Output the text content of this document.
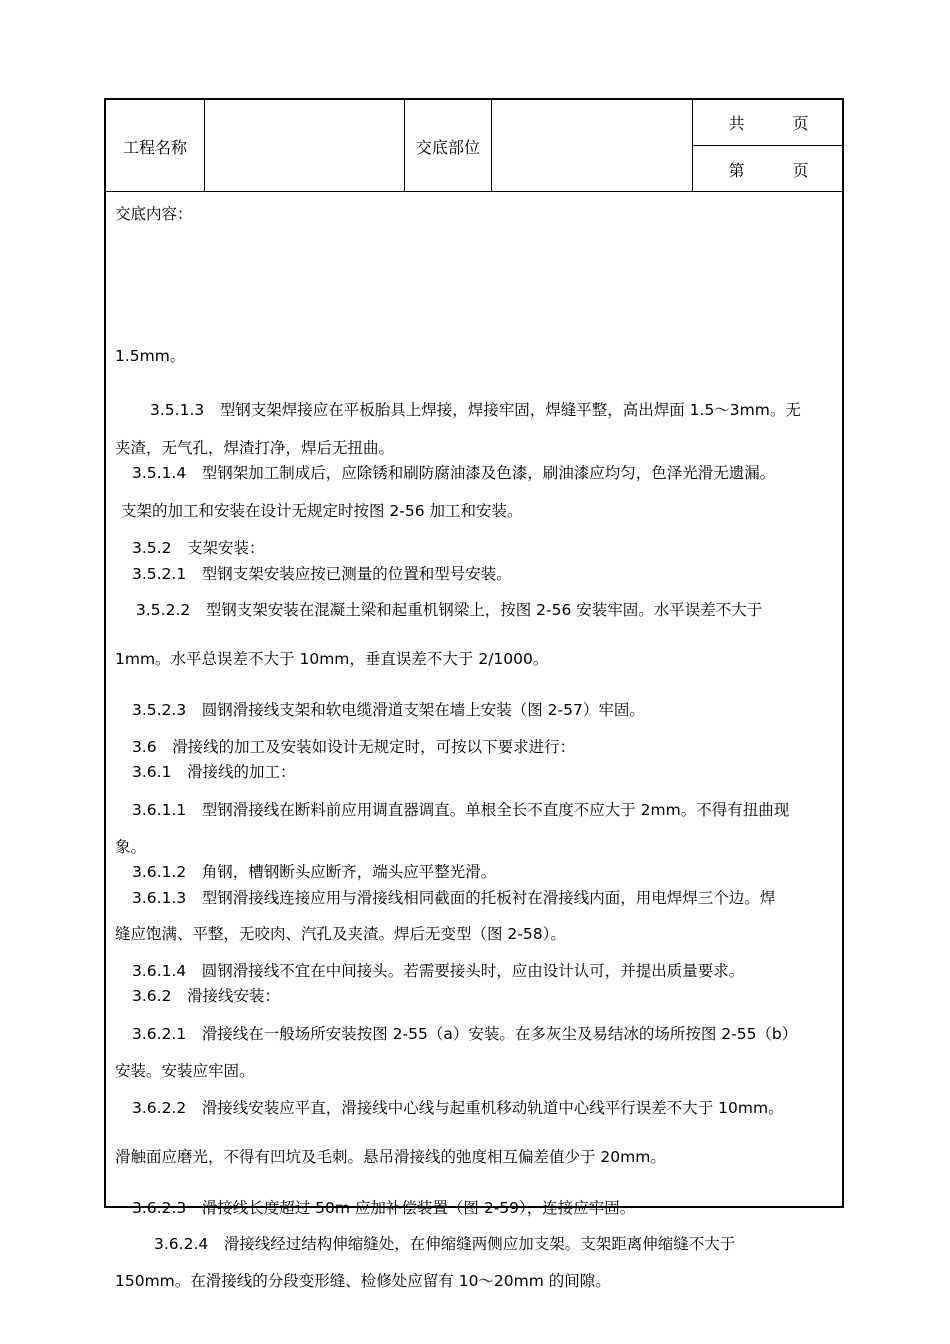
工程名称	交底部位
共	页
第	页
交底内容：
1.5mm。
3.5.1.3　型钢支架焊接应在平板胎具上焊接，焊接牢固，焊缝平整，高出焊面 1.5～3mm。无
夹渣，无气孔，焊渣打净，焊后无扭曲。
3.5.1.4　型钢架加工制成后，应除锈和刷防腐油漆及色漆，刷油漆应均匀，色泽光滑无遗漏。
支架的加工和安装在设计无规定时按图 2-56 加工和安装。
3.5.2　支架安装：
3.5.2.1　型钢支架安装应按已测量的位置和型号安装。
3.5.2.2　型钢支架安装在混凝土梁和起重机钢梁上，按图 2-56 安装牢固。水平误差不大于
1mm。水平总误差不大于 10mm，垂直误差不大于 2/1000。
3.5.2.3　圆钢滑接线支架和软电缆滑道支架在墙上安装（图 2-57）牢固。
3.6　滑接线的加工及安装如设计无规定时，可按以下要求进行：
3.6.1　滑接线的加工：
3.6.1.1　型钢滑接线在断料前应用调直器调直。单根全长不直度不应大于 2mm。不得有扭曲现
象。
3.6.1.2　角钢，槽钢断头应断齐，端头应平整光滑。
3.6.1.3　型钢滑接线连接应用与滑接线相同截面的托板衬在滑接线内面，用电焊焊三个边。焊
缝应饱满、平整，无咬肉、汽孔及夹渣。焊后无变型（图 2-58）。
3.6.1.4　圆钢滑接线不宜在中间接头。若需要接头时，应由设计认可，并提出质量要求。
3.6.2　滑接线安装：
3.6.2.1　滑接线在一般场所安装按图 2-55（a）安装。在多灰尘及易结冰的场所按图 2-55（b）
安装。安装应牢固。
3.6.2.2　滑接线安装应平直，滑接线中心线与起重机移动轨道中心线平行误差不大于 10mm。
滑触面应磨光，不得有凹坑及毛刺。悬吊滑接线的弛度相互偏差值少于 20mm。
3.6.2.3　滑接线长度超过 50m 应加补偿装置（图 2-59），连接应牢固。
3.6.2.4　滑接线经过结构伸缩缝处，在伸缩缝两侧应加支架。支架距离伸缩缝不大于
150mm。在滑接线的分段变形缝、检修处应留有 10～20mm 的间隙。
